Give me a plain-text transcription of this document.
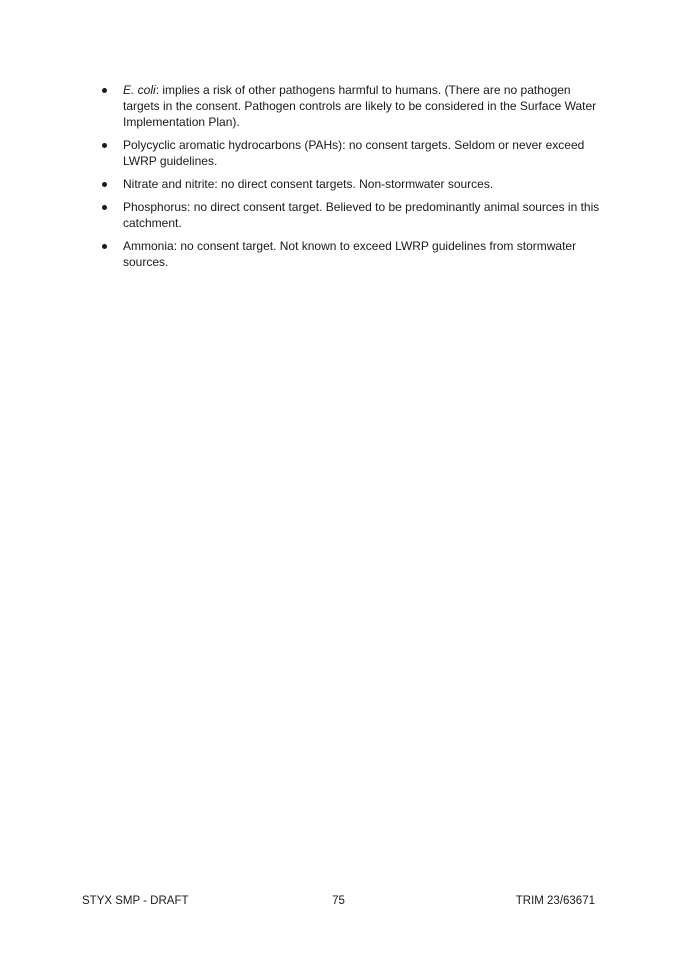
E. coli: implies a risk of other pathogens harmful to humans. (There are no pathogen targets in the consent. Pathogen controls are likely to be considered in the Surface Water Implementation Plan).
Polycyclic aromatic hydrocarbons (PAHs): no consent targets. Seldom or never exceed LWRP guidelines.
Nitrate and nitrite: no direct consent targets. Non-stormwater sources.
Phosphorus: no direct consent target. Believed to be predominantly animal sources in this catchment.
Ammonia: no consent target. Not known to exceed LWRP guidelines from stormwater sources.
STYX SMP - DRAFT	75	TRIM 23/63671
